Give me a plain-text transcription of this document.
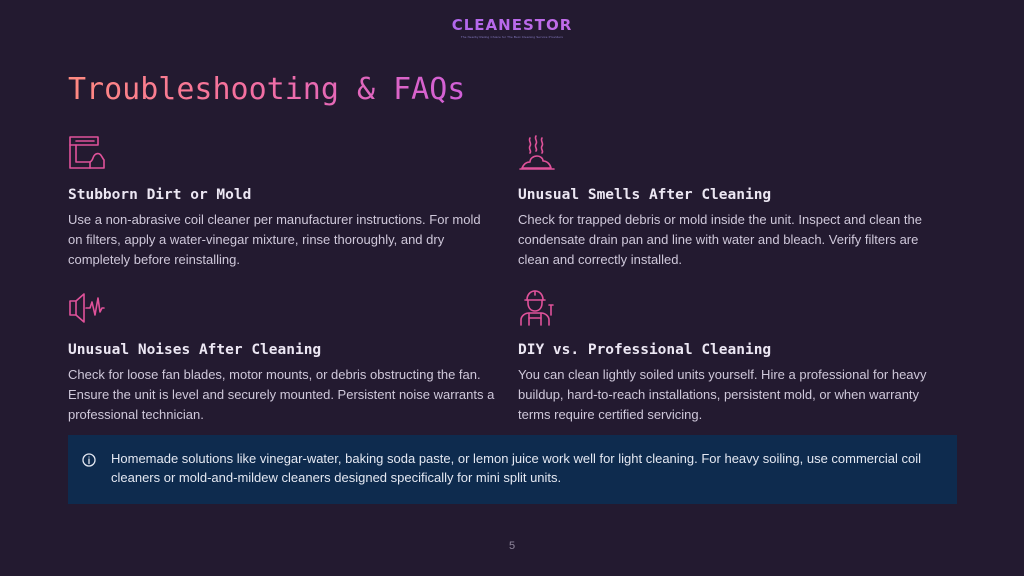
CLEANESTOR
The Nearby Rating Choice for The Best Cleaning Service Providers
Troubleshooting & FAQs
Stubborn Dirt or Mold

Use a non-abrasive coil cleaner per manufacturer instructions. For mold on filters, apply a water-vinegar mixture, rinse thoroughly, and dry completely before reinstalling.

Unusual Smells After Cleaning

Check for trapped debris or mold inside the unit. Inspect and clean the condensate drain pan and line with water and bleach. Verify filters are clean and correctly installed.

Unusual Noises After Cleaning

Check for loose fan blades, motor mounts, or debris obstructing the fan. Ensure the unit is level and securely mounted. Persistent noise warrants a professional technician.

DIY vs. Professional Cleaning

You can clean lightly soiled units yourself. Hire a professional for heavy buildup, hard-to-reach installations, persistent mold, or when warranty terms require certified servicing.

Homemade solutions like vinegar-water, baking soda paste, or lemon juice work well for light cleaning. For heavy soiling, use commercial coil cleaners or mold-and-mildew cleaners designed specifically for mini split units.

5
